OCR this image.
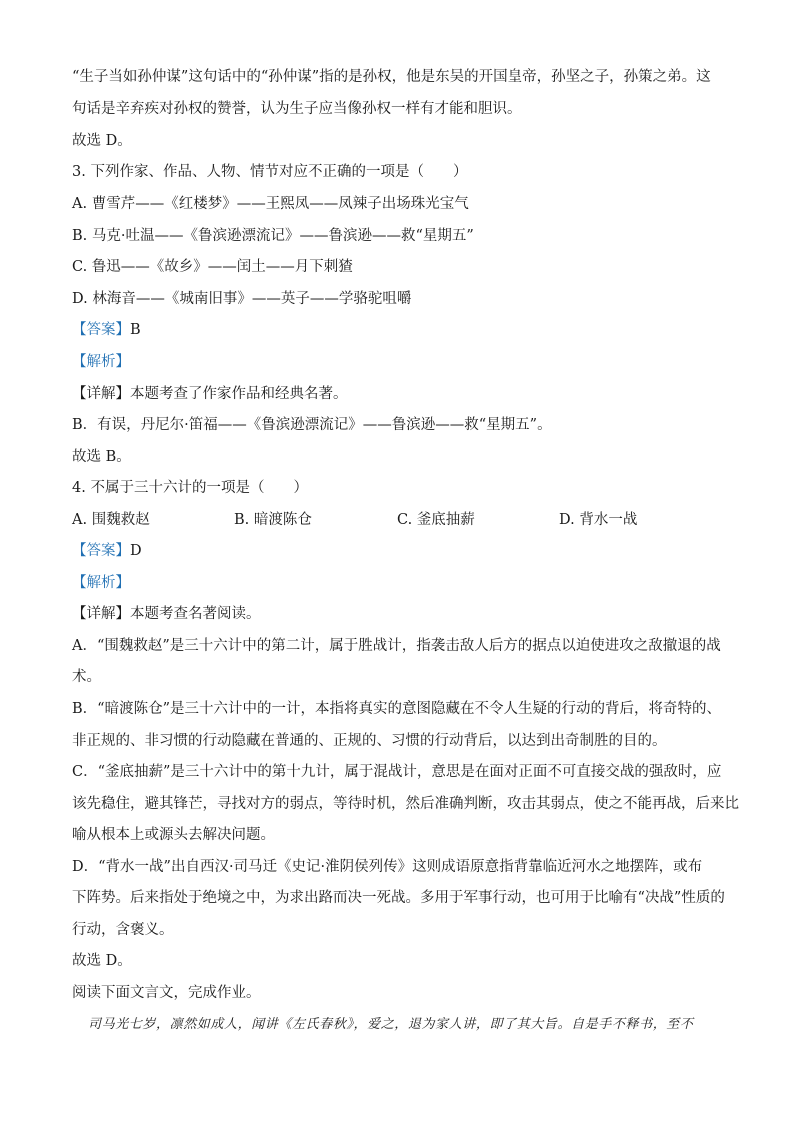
“生子当如孙仲谋”这句话中的“孙仲谋”指的是孙权，他是东吴的开国皇帝，孙坚之子，孙策之弟。这
句话是辛弃疾对孙权的赞誉，认为生子应当像孙权一样有才能和胆识。
故选 D。
3. 下列作家、作品、人物、情节对应不正确的一项是（　　）
A. 曹雪芹——《红楼梦》——王熙凤——凤辣子出场珠光宝气
B. 马克·吐温——《鲁滨逊漂流记》——鲁滨逊——救“星期五”
C. 鲁迅——《故乡》——闰土——月下刺猹
D. 林海音——《城南旧事》——英子——学骆驼咀嚼
【答案】B
【解析】
【详解】本题考查了作家作品和经典名著。
B．有误，丹尼尔·笛福——《鲁滨逊漂流记》——鲁滨逊——救“星期五”。
故选 B。
4. 不属于三十六计的一项是（　　）
A. 围魏救赵	B. 暗渡陈仓	C. 釜底抽薪	D. 背水一战
【答案】D
【解析】
【详解】本题考查名著阅读。
A．“围魏救赵”是三十六计中的第二计，属于胜战计，指袭击敌人后方的据点以迫使进攻之敌撤退的战
术。
B．“暗渡陈仓”是三十六计中的一计，本指将真实的意图隐藏在不令人生疑的行动的背后，将奇特的、
非正规的、非习惯的行动隐藏在普通的、正规的、习惯的行动背后，以达到出奇制胜的目的。
C．“釜底抽薪”是三十六计中的第十九计，属于混战计，意思是在面对正面不可直接交战的强敌时，应
该先稳住，避其锋芒，寻找对方的弱点，等待时机，然后准确判断，攻击其弱点，使之不能再战，后来比
喻从根本上或源头去解决问题。
D．“背水一战”出自西汉·司马迁《史记·淮阴侯列传》这则成语原意指背靠临近河水之地摆阵，或布
下阵势。后来指处于绝境之中，为求出路而决一死战。多用于军事行动，也可用于比喻有“决战”性质的
行动，含褒义。
故选 D。
阅读下面文言文，完成作业。
司马光七岁，凛然如成人，闻讲《左氏春秋》，爱之，退为家人讲，即了其大旨。自是手不释书，至不
